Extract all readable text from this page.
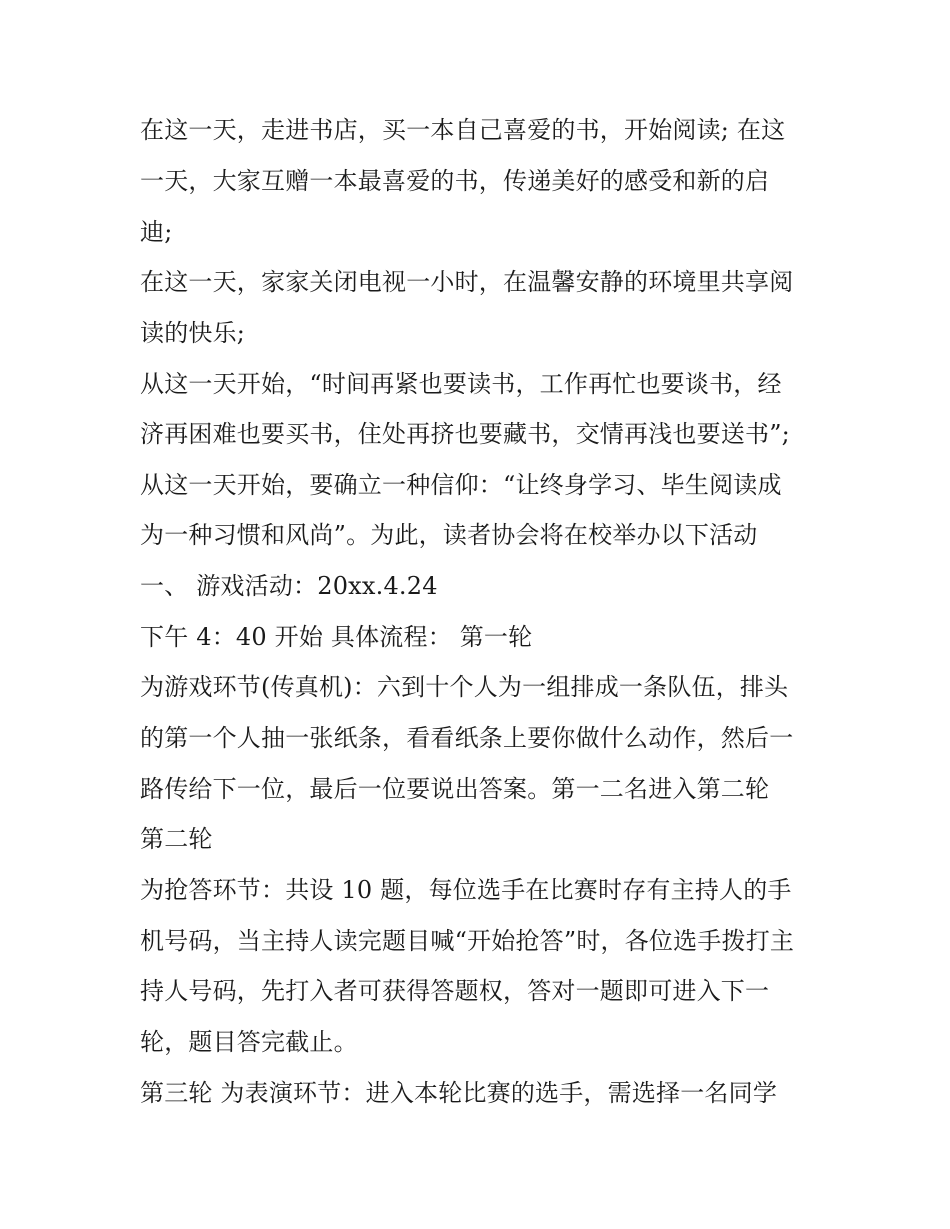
在这一天，走进书店，买一本自己喜爱的书，开始阅读; 在这
一天，大家互赠一本最喜爱的书，传递美好的感受和新的启
迪;
在这一天，家家关闭电视一小时，在温馨安静的环境里共享阅
读的快乐;
从这一天开始，“时间再紧也要读书，工作再忙也要谈书，经
济再困难也要买书，住处再挤也要藏书，交情再浅也要送书”;
从这一天开始，要确立一种信仰：“让终身学习、毕生阅读成
为一种习惯和风尚”。为此，读者协会将在校举办以下活动
一、 游戏活动：20xx.4.24
下午 4：40 开始 具体流程： 第一轮
为游戏环节(传真机)：六到十个人为一组排成一条队伍，排头
的第一个人抽一张纸条，看看纸条上要你做什么动作，然后一
路传给下一位，最后一位要说出答案。第一二名进入第二轮
第二轮
为抢答环节：共设 10 题，每位选手在比赛时存有主持人的手
机号码，当主持人读完题目喊“开始抢答”时，各位选手拨打主
持人号码，先打入者可获得答题权，答对一题即可进入下一
轮，题目答完截止。
第三轮 为表演环节：进入本轮比赛的选手，需选择一名同学
